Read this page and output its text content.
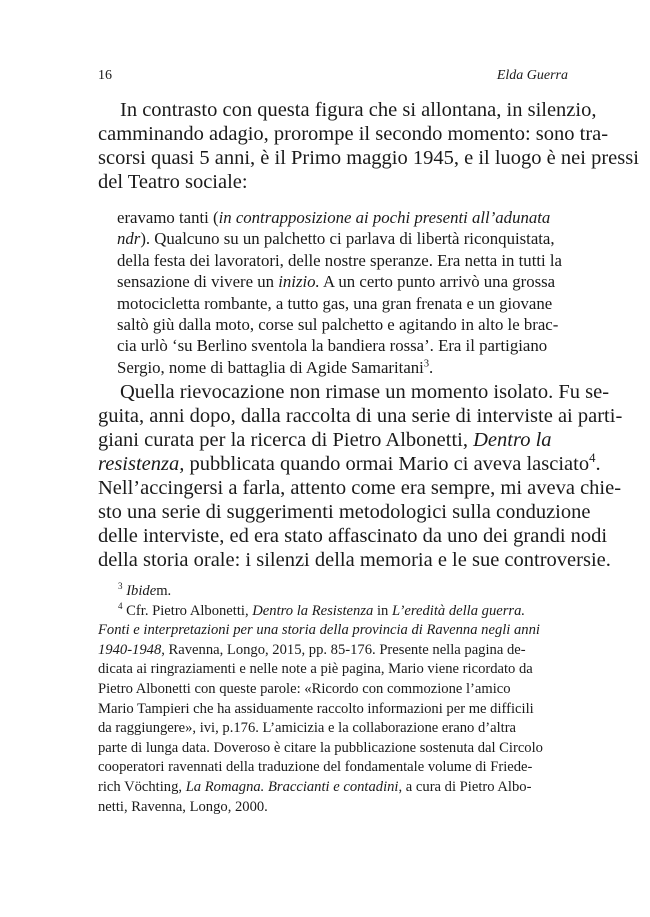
16	Elda Guerra

In contrasto con questa figura che si allontana, in silenzio,
camminando adagio, prorompe il secondo momento: sono tra-
scorsi quasi 5 anni, è il Primo maggio 1945, e il luogo è nei pressi
del Teatro sociale:

eravamo tanti (in contrapposizione ai pochi presenti all’adunata
ndr). Qualcuno su un palchetto ci parlava di libertà riconquistata,
della festa dei lavoratori, delle nostre speranze. Era netta in tutti la
sensazione di vivere un inizio. A un certo punto arrivò una grossa
motocicletta rombante, a tutto gas, una gran frenata e un giovane
saltò giù dalla moto, corse sul palchetto e agitando in alto le brac-
cia urlò ‘su Berlino sventola la bandiera rossa’. Era il partigiano
Sergio, nome di battaglia di Agide Samaritani$^3$.

Quella rievocazione non rimase un momento isolato. Fu se-
guita, anni dopo, dalla raccolta di una serie di interviste ai parti-
giani curata per la ricerca di Pietro Albonetti, Dentro la
resistenza, pubblicata quando ormai Mario ci aveva lasciato$^4$.
Nell’accingersi a farla, attento come era sempre, mi aveva chie-
sto una serie di suggerimenti metodologici sulla conduzione
delle interviste, ed era stato affascinato da uno dei grandi nodi
della storia orale: i silenzi della memoria e le sue controversie.

$^3$ Ibidem.
$^4$ Cfr. Pietro Albonetti, Dentro la Resistenza in L’eredità della guerra.
Fonti e interpretazioni per una storia della provincia di Ravenna negli anni
1940-1948, Ravenna, Longo, 2015, pp. 85-176. Presente nella pagina de-
dicata ai ringraziamenti e nelle note a piè pagina, Mario viene ricordato da
Pietro Albonetti con queste parole: «Ricordo con commozione l’amico
Mario Tampieri che ha assiduamente raccolto informazioni per me difficili
da raggiungere», ivi, p.176. L’amicizia e la collaborazione erano d’altra
parte di lunga data. Doveroso è citare la pubblicazione sostenuta dal Circolo
cooperatori ravennati della traduzione del fondamentale volume di Friede-
rich Vöchting, La Romagna. Braccianti e contadini, a cura di Pietro Albo-
netti, Ravenna, Longo, 2000.
